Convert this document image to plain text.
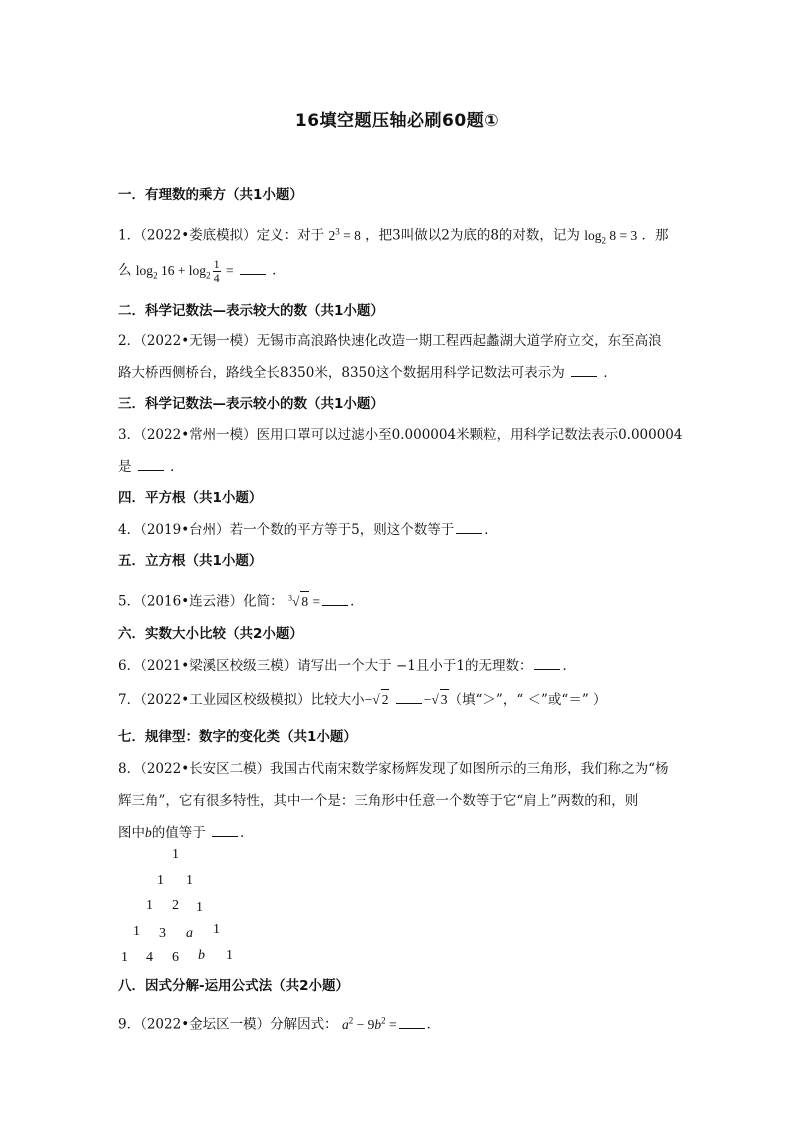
16填空题压轴必刷60题①
一．有理数的乘方（共1小题）
1．（2022•娄底模拟）定义：对于 $2^3 = 8$ ，把3叫做以2为底的8的对数，记为 $\log_2 8 = 3$ ．那
么 $\log_2 16 + \log_2 \frac{1}{4}$ =	．
二．科学记数法—表示较大的数（共1小题）
2．（2022•无锡一模）无锡市高浪路快速化改造一期工程西起蠡湖大道学府立交，东至高浪
路大桥西侧桥台，路线全长8350米，8350这个数据用科学记数法可表示为	．
三．科学记数法—表示较小的数（共1小题）
3．（2022•常州一模）医用口罩可以过滤小至0.000004米颗粒，用科学记数法表示0.000004
是	．
四．平方根（共1小题）
4．（2019•台州）若一个数的平方等于5，则这个数等于 ．
五．立方根（共1小题）
5．（2016•连云港）化简： $^3$√ 8 = ．
六．实数大小比较（共2小题）
6．（2021•梁溪区校级三模）请写出一个大于 −1且小于1的无理数： ．
7．（2022•工业园区校级模拟）比较大小−√ 2	−√ 3（填“＞”，“ ＜”或“＝” ）
七．规律型：数字的变化类（共1小题）
8．（2022•长安区二模）我国古代南宋数学家杨辉发现了如图所示的三角形，我们称之为“杨
辉三角”，它有很多特性，其中一个是：三角形中任意一个数等于它“肩上”两数的和，则
图中b的值等于	．
1
1 1
1 2 1
1 3 a 1
1 4 6 b 1
八．因式分解-运用公式法（共2小题）
9．（2022•金坛区一模）分解因式： $a^2 - 9b^2$ = ．
